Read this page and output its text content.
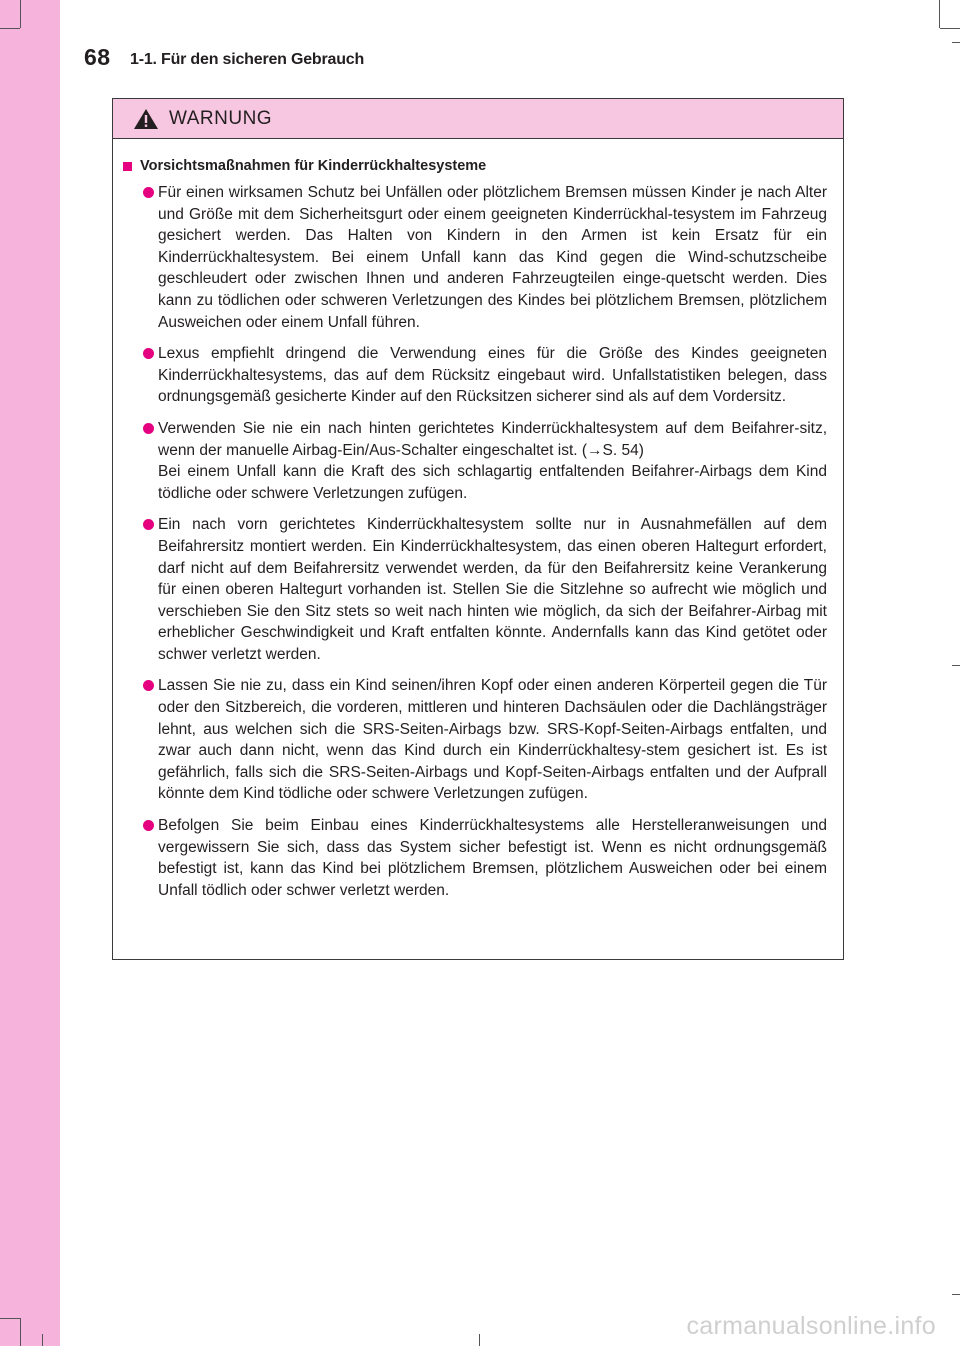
68 1-1. Für den sicheren Gebrauch
WARNUNG
Vorsichtsmaßnahmen für Kinderrückhaltesysteme

Für einen wirksamen Schutz bei Unfällen oder plötzlichem Bremsen müssen Kinder je nach Alter und Größe mit dem Sicherheitsgurt oder einem geeigneten Kinderrückhal-tesystem im Fahrzeug gesichert werden. Das Halten von Kindern in den Armen ist kein Ersatz für ein Kinderrückhaltesystem. Bei einem Unfall kann das Kind gegen die Wind-schutzscheibe geschleudert oder zwischen Ihnen und anderen Fahrzeugteilen einge-quetscht werden. Dies kann zu tödlichen oder schweren Verletzungen des Kindes bei plötzlichem Bremsen, plötzlichem Ausweichen oder einem Unfall führen.

Lexus empfiehlt dringend die Verwendung eines für die Größe des Kindes geeigneten Kinderrückhaltesystems, das auf dem Rücksitz eingebaut wird. Unfallstatistiken belegen, dass ordnungsgemäß gesicherte Kinder auf den Rücksitzen sicherer sind als auf dem Vordersitz.

Verwenden Sie nie ein nach hinten gerichtetes Kinderrückhaltesystem auf dem Beifahrer-sitz, wenn der manuelle Airbag-Ein/Aus-Schalter eingeschaltet ist. (→S. 54)

Bei einem Unfall kann die Kraft des sich schlagartig entfaltenden Beifahrer-Airbags dem Kind tödliche oder schwere Verletzungen zufügen.

Ein nach vorn gerichtetes Kinderrückhaltesystem sollte nur in Ausnahmefällen auf dem Beifahrersitz montiert werden. Ein Kinderrückhaltesystem, das einen oberen Haltegurt erfordert, darf nicht auf dem Beifahrersitz verwendet werden, da für den Beifahrersitz keine Verankerung für einen oberen Haltegurt vorhanden ist. Stellen Sie die Sitzlehne so aufrecht wie möglich und verschieben Sie den Sitz stets so weit nach hinten wie möglich, da sich der Beifahrer-Airbag mit erheblicher Geschwindigkeit und Kraft entfalten könnte. Andernfalls kann das Kind getötet oder schwer verletzt werden.

Lassen Sie nie zu, dass ein Kind seinen/ihren Kopf oder einen anderen Körperteil gegen die Tür oder den Sitzbereich, die vorderen, mittleren und hinteren Dachsäulen oder die Dachlängsträger lehnt, aus welchen sich die SRS-Seiten-Airbags bzw. SRS-Kopf-Seiten-Airbags entfalten, und zwar auch dann nicht, wenn das Kind durch ein Kinderrückhaltesy-stem gesichert ist. Es ist gefährlich, falls sich die SRS-Seiten-Airbags und Kopf-Seiten-Airbags entfalten und der Aufprall könnte dem Kind tödliche oder schwere Verletzungen zufügen.

Befolgen Sie beim Einbau eines Kinderrückhaltesystems alle Herstelleranweisungen und vergewissern Sie sich, dass das System sicher befestigt ist. Wenn es nicht ordnungsgemäß befestigt ist, kann das Kind bei plötzlichem Bremsen, plötzlichem Ausweichen oder bei einem Unfall tödlich oder schwer verletzt werden.

carmanualsonline.info
